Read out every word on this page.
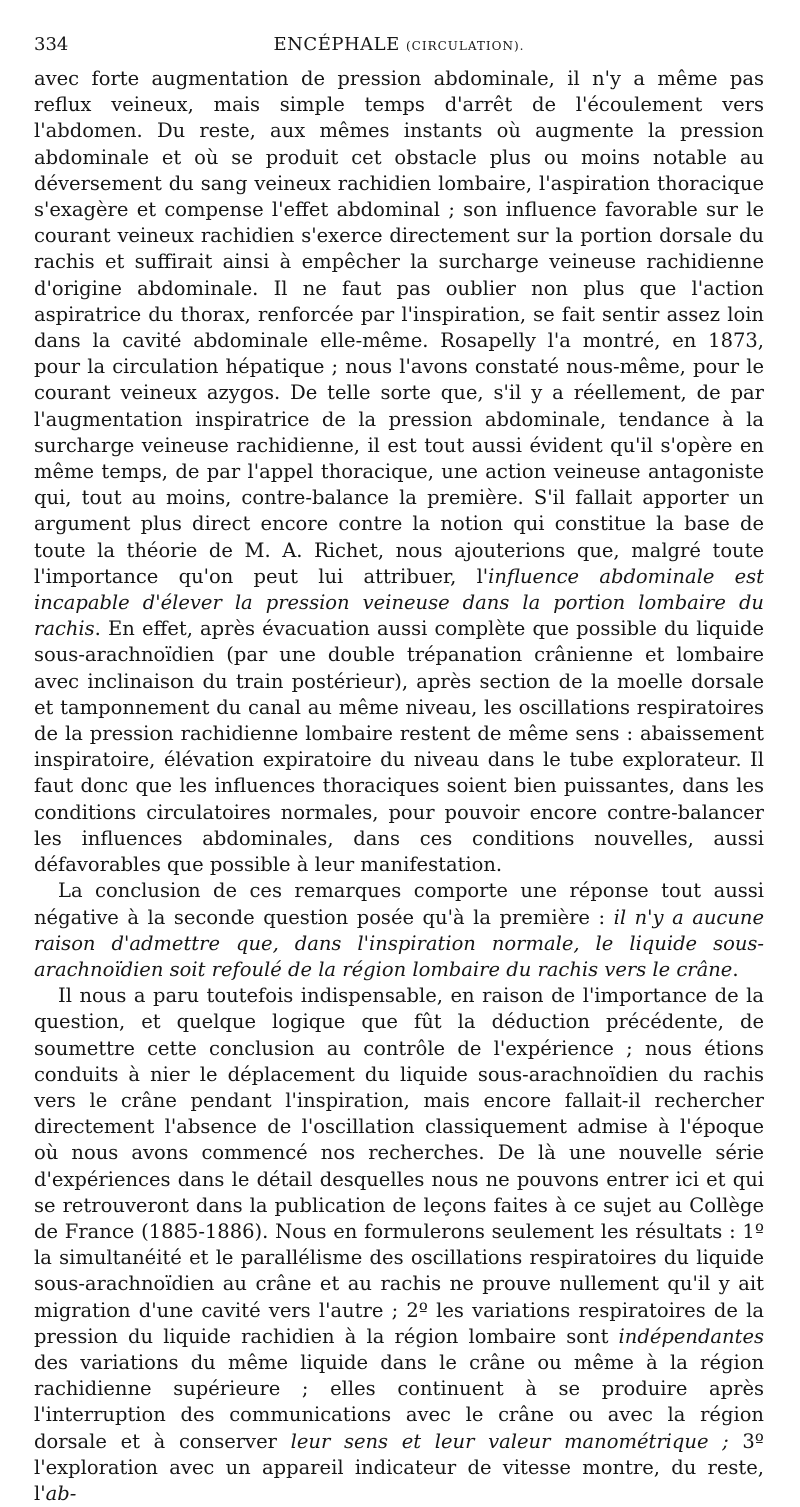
334	ENCÉPHALE (CIRCULATION).

avec forte augmentation de pression abdominale, il n'y a même pas reflux veineux, mais simple temps d'arrêt de l'écoulement vers l'abdomen. Du reste, aux mêmes instants où augmente la pression abdominale et où se produit cet obstacle plus ou moins notable au déversement du sang veineux rachidien lombaire, l'aspiration thoracique s'exagère et compense l'effet abdominal ; son influence favorable sur le courant veineux rachidien s'exerce directement sur la portion dorsale du rachis et suffirait ainsi à empêcher la surcharge veineuse rachidienne d'origine abdominale. Il ne faut pas oublier non plus que l'action aspiratrice du thorax, renforcée par l'inspiration, se fait sentir assez loin dans la cavité abdominale elle-même. Rosapelly l'a montré, en 1873, pour la circulation hépatique ; nous l'avons constaté nous-même, pour le courant veineux azygos. De telle sorte que, s'il y a réellement, de par l'augmentation inspiratrice de la pression abdominale, tendance à la surcharge veineuse rachidienne, il est tout aussi évident qu'il s'opère en même temps, de par l'appel thoracique, une action veineuse antagoniste qui, tout au moins, contre-balance la première. S'il fallait apporter un argument plus direct encore contre la notion qui constitue la base de toute la théorie de M. A. Richet, nous ajouterions que, malgré toute l'importance qu'on peut lui attribuer, l'influence abdominale est incapable d'élever la pression veineuse dans la portion lombaire du rachis. En effet, après évacuation aussi complète que possible du liquide sous-arachnoïdien (par une double trépanation crânienne et lombaire avec inclinaison du train postérieur), après section de la moelle dorsale et tamponnement du canal au même niveau, les oscillations respiratoires de la pression rachidienne lombaire restent de même sens : abaissement inspiratoire, élévation expiratoire du niveau dans le tube explorateur. Il faut donc que les influences thoraciques soient bien puissantes, dans les conditions circulatoires normales, pour pouvoir encore contre-balancer les influences abdominales, dans ces conditions nouvelles, aussi défavorables que possible à leur manifestation.

La conclusion de ces remarques comporte une réponse tout aussi négative à la seconde question posée qu'à la première : il n'y a aucune raison d'admettre que, dans l'inspiration normale, le liquide sous-arachnoïdien soit refoulé de la région lombaire du rachis vers le crâne.

Il nous a paru toutefois indispensable, en raison de l'importance de la question, et quelque logique que fût la déduction précédente, de soumettre cette conclusion au contrôle de l'expérience ; nous étions conduits à nier le déplacement du liquide sous-arachnoïdien du rachis vers le crâne pendant l'inspiration, mais encore fallait-il rechercher directement l'absence de l'oscillation classiquement admise à l'époque où nous avons commencé nos recherches. De là une nouvelle série d'expériences dans le détail desquelles nous ne pouvons entrer ici et qui se retrouveront dans la publication de leçons faites à ce sujet au Collège de France (1885-1886). Nous en formulerons seulement les résultats : 1º la simultanéité et le parallélisme des oscillations respiratoires du liquide sous-arachnoïdien au crâne et au rachis ne prouve nullement qu'il y ait migration d'une cavité vers l'autre ; 2º les variations respiratoires de la pression du liquide rachidien à la région lombaire sont indépendantes des variations du même liquide dans le crâne ou même à la région rachidienne supérieure ; elles continuent à se produire après l'interruption des communications avec le crâne ou avec la région dorsale et à conserver leur sens et leur valeur manométrique ; 3º l'exploration avec un appareil indicateur de vitesse montre, du reste, l'ab-
